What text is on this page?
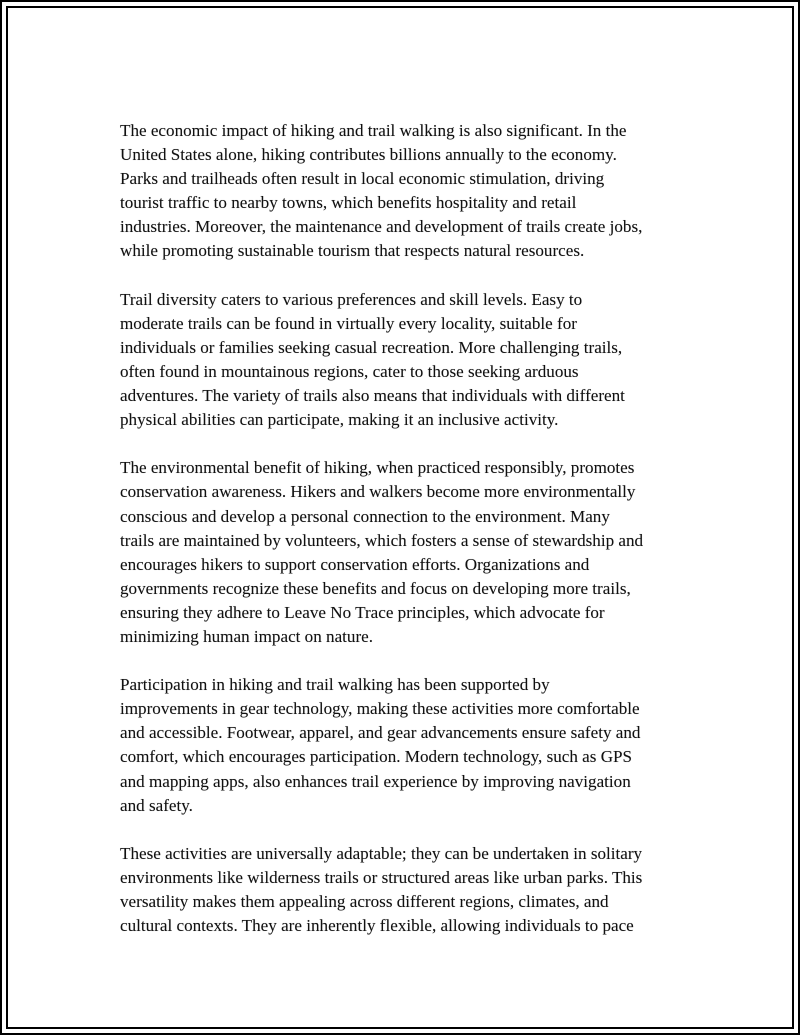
The economic impact of hiking and trail walking is also significant. In the
United States alone, hiking contributes billions annually to the economy.
Parks and trailheads often result in local economic stimulation, driving
tourist traffic to nearby towns, which benefits hospitality and retail
industries. Moreover, the maintenance and development of trails create jobs,
while promoting sustainable tourism that respects natural resources.

Trail diversity caters to various preferences and skill levels. Easy to
moderate trails can be found in virtually every locality, suitable for
individuals or families seeking casual recreation. More challenging trails,
often found in mountainous regions, cater to those seeking arduous
adventures. The variety of trails also means that individuals with different
physical abilities can participate, making it an inclusive activity.

The environmental benefit of hiking, when practiced responsibly, promotes
conservation awareness. Hikers and walkers become more environmentally
conscious and develop a personal connection to the environment. Many
trails are maintained by volunteers, which fosters a sense of stewardship and
encourages hikers to support conservation efforts. Organizations and
governments recognize these benefits and focus on developing more trails,
ensuring they adhere to Leave No Trace principles, which advocate for
minimizing human impact on nature.

Participation in hiking and trail walking has been supported by
improvements in gear technology, making these activities more comfortable
and accessible. Footwear, apparel, and gear advancements ensure safety and
comfort, which encourages participation. Modern technology, such as GPS
and mapping apps, also enhances trail experience by improving navigation
and safety.

These activities are universally adaptable; they can be undertaken in solitary
environments like wilderness trails or structured areas like urban parks. This
versatility makes them appealing across different regions, climates, and
cultural contexts. They are inherently flexible, allowing individuals to pace
